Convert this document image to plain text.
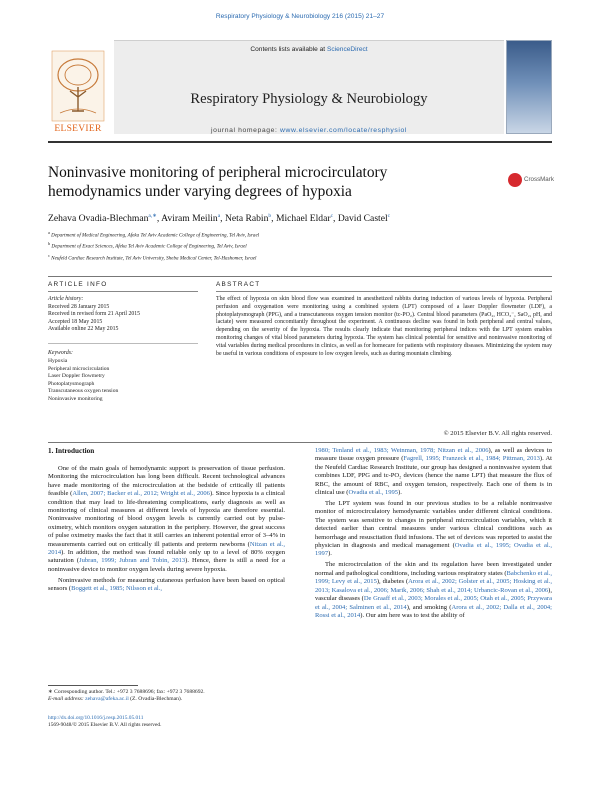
Respiratory Physiology & Neurobiology 216 (2015) 21–27
ELSEVIER
Contents lists available at ScienceDirect
Respiratory Physiology & Neurobiology
journal homepage: www.elsevier.com/locate/resphysiol
Noninvasive monitoring of peripheral microcirculatory hemodynamics under varying degrees of hypoxia
CrossMark
Zehava Ovadia-Blechman$^{a,∗}$, Aviram Meilin$^a$, Neta Rabin$^b$, Michael Eldar$^c$, David Castel$^c$
$^a$ Department of Medical Engineering, Afeka Tel Aviv Academic College of Engineering, Tel Aviv, Israel
$^b$ Department of Exact Sciences, Afeka Tel Aviv Academic College of Engineering, Tel Aviv, Israel
$^c$ Neufeld Cardiac Research Institute, Tel Aviv University, Sheba Medical Center, Tel-Hashomer, Israel
ARTICLE INFO	ABSTRACT
Article history:
Received 28 January 2015
Received in revised form 21 April 2015
Accepted 18 May 2015
Available online 22 May 2015
Keywords:
Hypoxia
Peripheral microcirculation
Laser Doppler flowmetry
Photoplatysmograph
Transcutaneous oxygen tension
Noninvasive monitoring
The effect of hypoxia on skin blood flow was examined in anesthetized rabbits during induction of various levels of hypoxia. Peripheral perfusion and oxygenation were monitoring using a combined system (LPT) composed of a laser Doppler flowmeter (LDF), a photoplatysmograph (PPG), and a transcutaneous oxygen tension monitor (tc-PO₂). Central blood parameters (PaO₂, HCO₃⁻, SaO₂, pH, and lactate) were measured concomitantly throughout the experiment. A continuous decline was found in both peripheral and central values, depending on the severity of the hypoxia. The results clearly indicate that monitoring peripheral indices with the LPT system enables monitoring changes of vital blood parameters during hypoxia. The system has clinical potential for sensitive and noninvasive monitoring of vital variables during medical procedures in clinics, as well as for homecare for patients with respiratory diseases. Minimizing the system may be useful in various conditions of exposure to low oxygen levels, such as during mountain climbing.
© 2015 Elsevier B.V. All rights reserved.
1. Introduction

One of the main goals of hemodynamic support is preservation of tissue perfusion. Monitoring the microcirculation has long been difficult. Recent technological advances have made monitoring of the microcirculation at the bedside of critically ill patients feasible (Allen, 2007; Backer et al., 2012; Wright et al., 2006). Since hypoxia is a clinical condition that may lead to life-threatening complications, early diagnosis as well as monitoring of clinical measures at different levels of hypoxia are therefore essential. Noninvasive monitoring of blood oxygen levels is currently carried out by pulse-oximetry, which monitors oxygen saturation in the periphery. However, the great success of pulse oximetry masks the fact that it still carries an inherent potential error of 3–4% in measurements carried out on critically ill patients and preterm newborns (Nitzan et al., 2014). In addition, the method was found reliable only up to a level of 80% oxygen saturation (Jubran, 1999; Jubran and Tobin, 2013). Hence, there is still a need for a noninvasive device to monitor oxygen levels during severe hypoxia.

Noninvasive methods for measuring cutaneous perfusion have been based on optical sensors (Boggett et al., 1985; Nilsson et al.,

1980; Tenland et al., 1983; Weinman, 1978; Nitzan et al., 2006), as well as devices to measure tissue oxygen pressure (Fagrell, 1995; Franzeck et al., 1984; Pittman, 2013). At the Neufeld Cardiac Research Institute, our group has designed a noninvasive system that combines LDF, PPG and tc-PO₂ devices (hence the name LPT) that measure the flux of RBC, the amount of RBC, and oxygen tension, respectively. Each one of them is in clinical use (Ovadia et al., 1995).

The LPT system was found in our previous studies to be a reliable noninvasive monitor of microcirculatory hemodynamic variables under different clinical conditions. The system was sensitive to changes in peripheral microcirculation variables, which it detected earlier than central measures under various clinical conditions such as hemorrhage and resuscitation fluid infusions. The set of devices was reported to assist the physician in diagnosis and medical management (Ovadia et al., 1995; Ovadia et al., 1997).

The microcirculation of the skin and its regulation have been investigated under normal and pathological conditions, including various respiratory states (Babchenko et al., 1999; Levy et al., 2015), diabetes (Arora et al., 2002; Golster et al., 2005; Hosking et al., 2013; Kasalova et al., 2006; Marik, 2006; Shah et al., 2014; Urbancic-Rovan et al., 2006), vascular diseases (De Graaff et al., 2003; Morales et al., 2005; Otah et al., 2005; Przywara et al., 2004; Salminen et al., 2014), and smoking (Arora et al., 2002; Dalla et al., 2004; Rossi et al., 2014). Our aim here was to test the ability of

∗ Corresponding author. Tel.: +972 3 7688696; fax: +972 3 7688692.
E-mail address: zehava@afeka.ac.il (Z. Ovadia-Blechman).
http://dx.doi.org/10.1016/j.resp.2015.05.011
1569-9048/© 2015 Elsevier B.V. All rights reserved.
